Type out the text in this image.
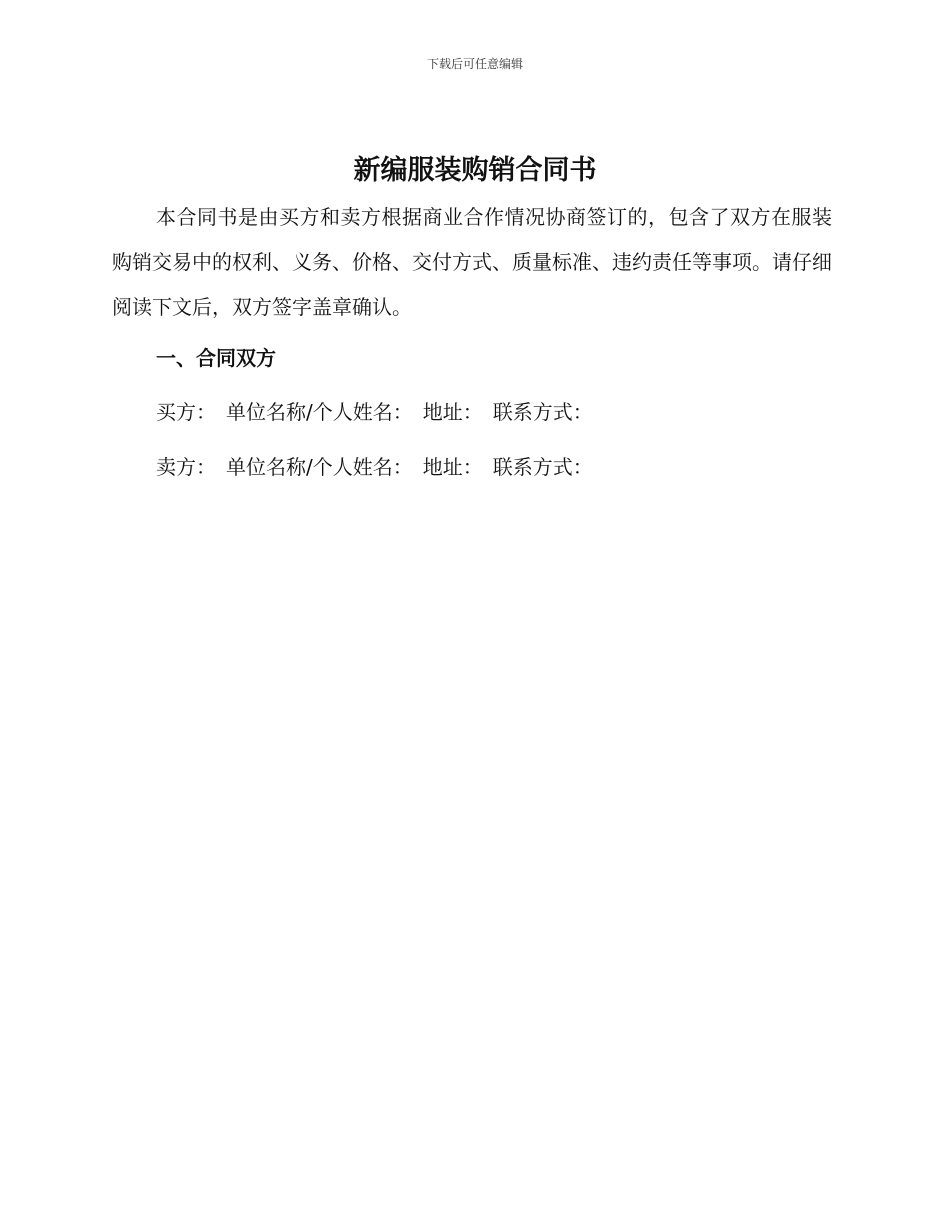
下载后可任意编辑
新编服装购销合同书

本合同书是由买方和卖方根据商业合作情况协商签订的，包含了双方在服装购销交易中的权利、义务、价格、交付方式、质量标准、违约责任等事项。请仔细阅读下文后，双方签字盖章确认。

一、合同双方

买方： 单位名称/个人姓名： 地址： 联系方式：

卖方： 单位名称/个人姓名： 地址： 联系方式：
